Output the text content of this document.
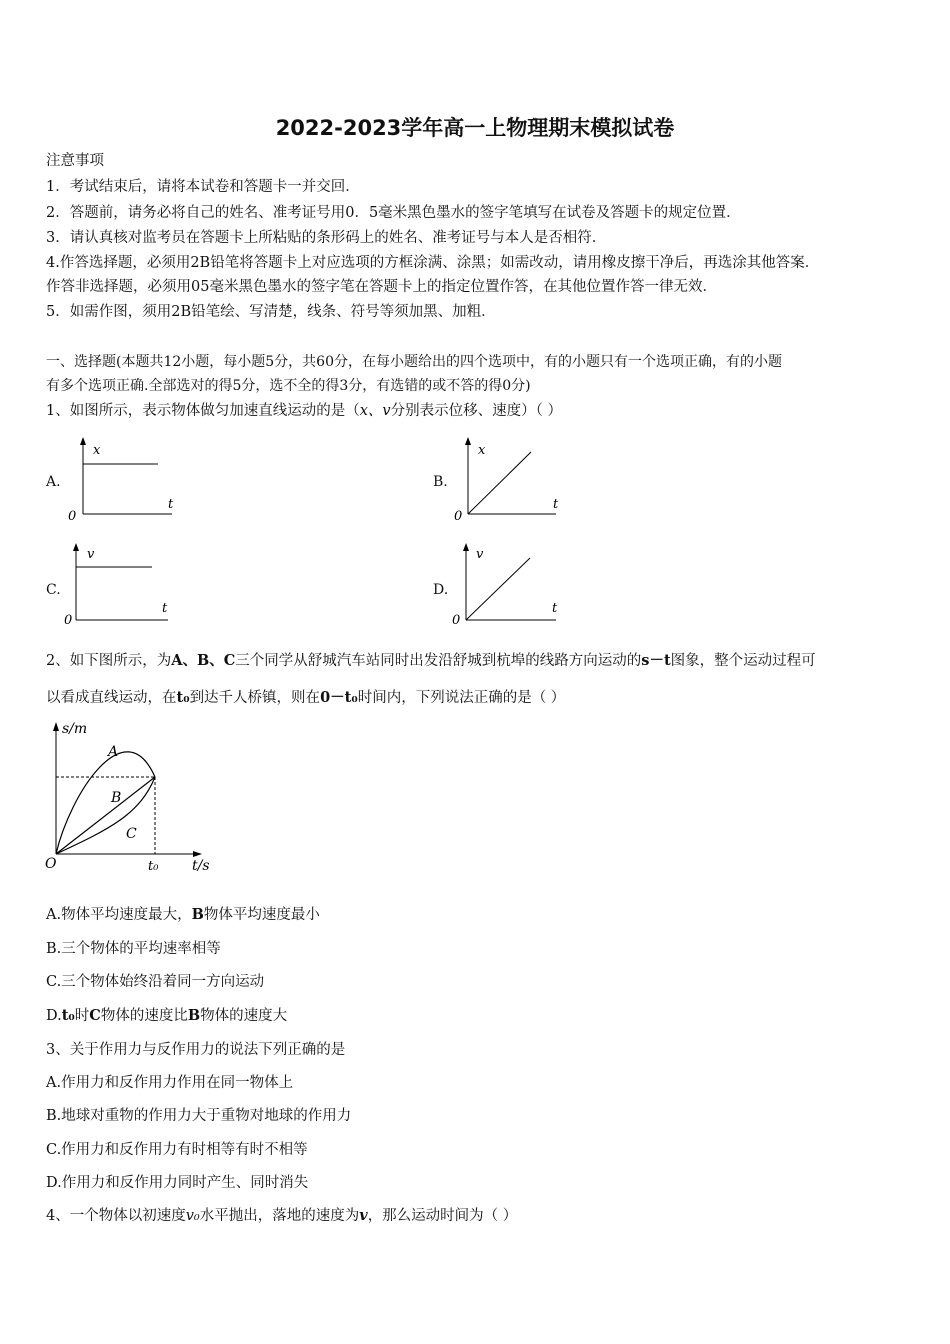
2022-2023学年高一上物理期末模拟试卷
注意事项
1．考试结束后，请将本试卷和答题卡一并交回．
2．答题前，请务必将自己的姓名、准考证号用0．5毫米黑色墨水的签字笔填写在试卷及答题卡的规定位置．
3．请认真核对监考员在答题卡上所粘贴的条形码上的姓名、准考证号与本人是否相符．
4.作答选择题，必须用2B铅笔将答题卡上对应选项的方框涂满、涂黑；如需改动，请用橡皮擦干净后，再选涂其他答案．
作答非选择题，必须用05毫米黑色墨水的签字笔在答题卡上的指定位置作答，在其他位置作答一律无效．
5．如需作图，须用2B铅笔绘、写清楚，线条、符号等须加黑、加粗．
一、选择题(本题共12小题，每小题5分，共60分，在每小题给出的四个选项中，有的小题只有一个选项正确，有的小题
有多个选项正确.全部选对的得5分，选不全的得3分，有选错的或不答的得0分)
1、如图所示，表示物体做匀加速直线运动的是（x、v分别表示位移、速度）（ ）
A.
x
t
0
B.
x
t
0
C.
v
t
0
D.
v
t
0
2、如下图所示，为A、B、C三个同学从舒城汽车站同时出发沿舒城到杭埠的线路方向运动的s－t图象，整个运动过程可
以看成直线运动，在t₀到达千人桥镇，则在0－t₀时间内，下列说法正确的是（ ）
s/m
t/s
O	t₀
A
B
C
A.物体平均速度最大，B物体平均速度最小
B.三个物体的平均速率相等
C.三个物体始终沿着同一方向运动
D.t₀时C物体的速度比B物体的速度大
3、关于作用力与反作用力的说法下列正确的是
A.作用力和反作用力作用在同一物体上
B.地球对重物的作用力大于重物对地球的作用力
C.作用力和反作用力有时相等有时不相等
D.作用力和反作用力同时产生、同时消失
4、一个物体以初速度v₀水平抛出，落地的速度为v，那么运动时间为（ ）
